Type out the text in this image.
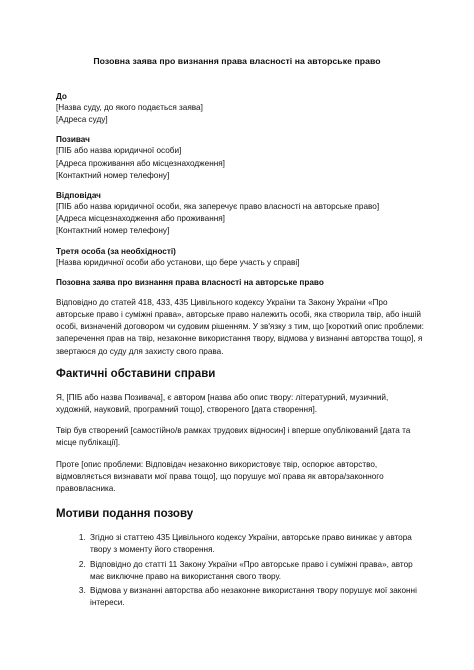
Позовна заява про визнання права власності на авторське право
До
[Назва суду, до якого подається заява]
[Адреса суду]
Позивач
[ПІБ або назва юридичної особи]
[Адреса проживання або місцезнаходження]
[Контактний номер телефону]
Відповідач
[ПІБ або назва юридичної особи, яка заперечує право власності на авторське право]
[Адреса місцезнаходження або проживання]
[Контактний номер телефону]
Третя особа (за необхідності)
[Назва юридичної особи або установи, що бере участь у справі]
Позовна заява про визнання права власності на авторське право

Відповідно до статей 418, 433, 435 Цивільного кодексу України та Закону України «Про авторське право і суміжні права», авторське право належить особі, яка створила твір, або іншій особі, визначеній договором чи судовим рішенням. У зв'язку з тим, що [короткий опис проблеми: заперечення прав на твір, незаконне використання твору, відмова у визнанні авторства тощо], я звертаюся до суду для захисту свого права.

Фактичні обставини справи

Я, [ПІБ або назва Позивача], є автором [назва або опис твору: літературний, музичний, художній, науковий, програмний тощо], створеного [дата створення].

Твір був створений [самостійно/в рамках трудових відносин] і вперше опублікований [дата та місце публікації].

Проте [опис проблеми: Відповідач незаконно використовує твір, оспорює авторство, відмовляється визнавати мої права тощо], що порушує мої права як автора/законного правовласника.

Мотиви подання позову
1. Згідно зі статтею 435 Цивільного кодексу України, авторське право виникає у автора твору з моменту його створення.
2. Відповідно до статті 11 Закону України «Про авторське право і суміжні права», автор має виключне право на використання свого твору.
3. Відмова у визнанні авторства або незаконне використання твору порушує мої законні інтереси.
